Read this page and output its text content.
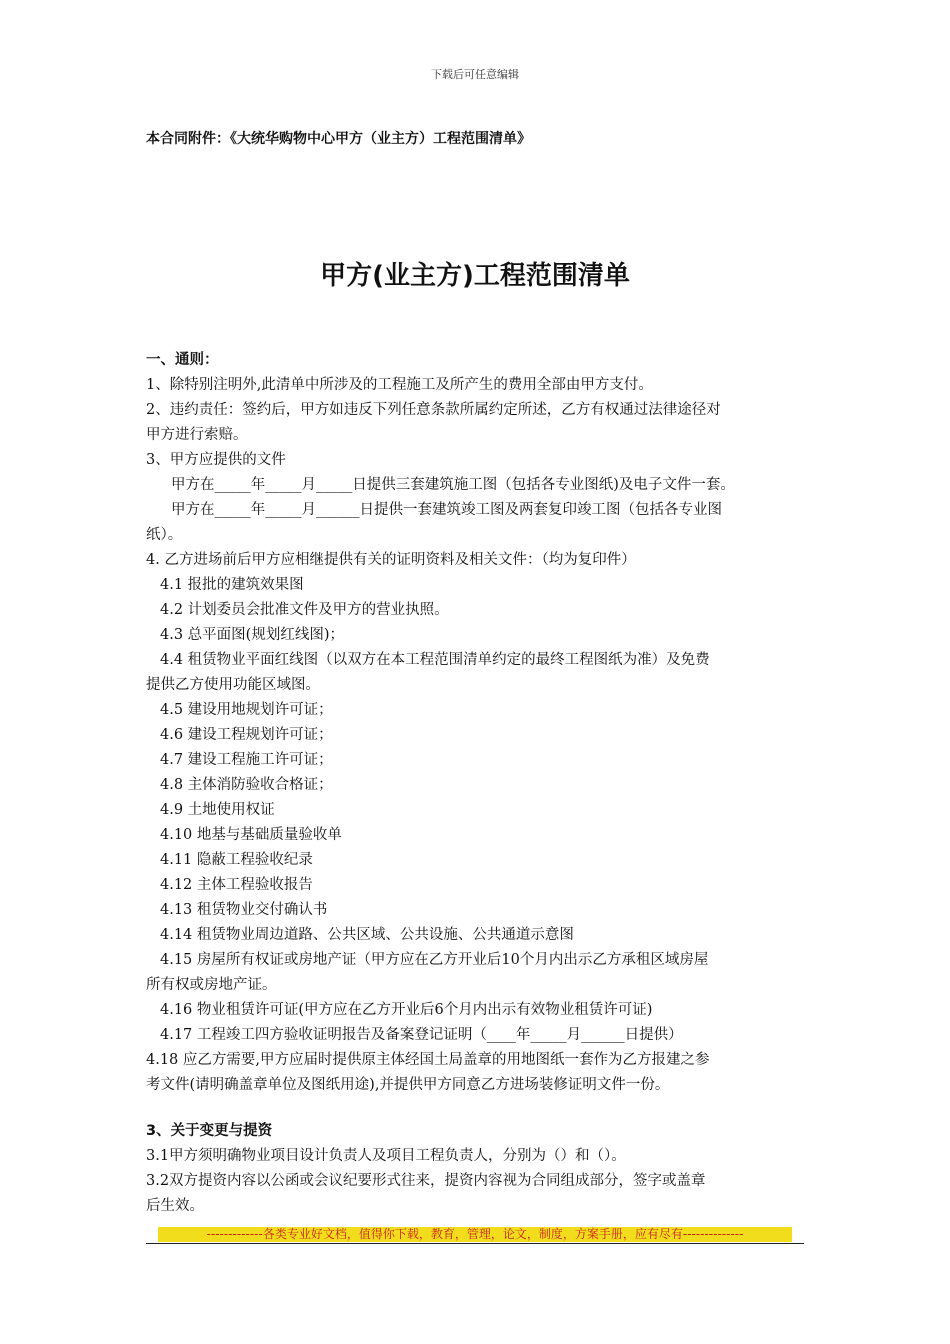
下载后可任意编辑
本合同附件：《大统华购物中心甲方（业主方）工程范围清单》
甲方(业主方)工程范围清单
一、通则：
1、除特别注明外,此清单中所涉及的工程施工及所产生的费用全部由甲方支付。
2、违约责任：签约后，甲方如违反下列任意条款所属约定所述，乙方有权通过法律途径对
甲方进行索赔。
3、甲方应提供的文件
甲方在_____年_____月_____日提供三套建筑施工图（包括各专业图纸)及电子文件一套。
甲方在_____年_____月______日提供一套建筑竣工图及两套复印竣工图（包括各专业图
纸）。
4. 乙方进场前后甲方应相继提供有关的证明资料及相关文件：（均为复印件）
4.1 报批的建筑效果图
4.2 计划委员会批准文件及甲方的营业执照。
4.3 总平面图(规划红线图)；
4.4 租赁物业平面红线图（以双方在本工程范围清单约定的最终工程图纸为准）及免费
提供乙方使用功能区域图。
4.5 建设用地规划许可证；
4.6 建设工程规划许可证；
4.7 建设工程施工许可证；
4.8 主体消防验收合格证；
4.9 土地使用权证
4.10 地基与基础质量验收单
4.11 隐蔽工程验收纪录
4.12 主体工程验收报告
4.13 租赁物业交付确认书
4.14 租赁物业周边道路、公共区域、公共设施、公共通道示意图
4.15 房屋所有权证或房地产证（甲方应在乙方开业后10个月内出示乙方承租区域房屋
所有权或房地产证。
4.16 物业租赁许可证(甲方应在乙方开业后6个月内出示有效物业租赁许可证)
4.17 工程竣工四方验收证明报告及备案登记证明（____年_____月______日提供）
4.18 应乙方需要,甲方应届时提供原主体经国土局盖章的用地图纸一套作为乙方报建之参
考文件(请明确盖章单位及图纸用途),并提供甲方同意乙方进场装修证明文件一份。
3、关于变更与提资
3.1甲方须明确物业项目设计负责人及项目工程负责人，分别为（）和（）。
3.2双方提资内容以公函或会议纪要形式往来，提资内容视为合同组成部分，签字或盖章
后生效。
-------------各类专业好文档，值得你下载，教育，管理，论文，制度，方案手册，应有尽有--------------
